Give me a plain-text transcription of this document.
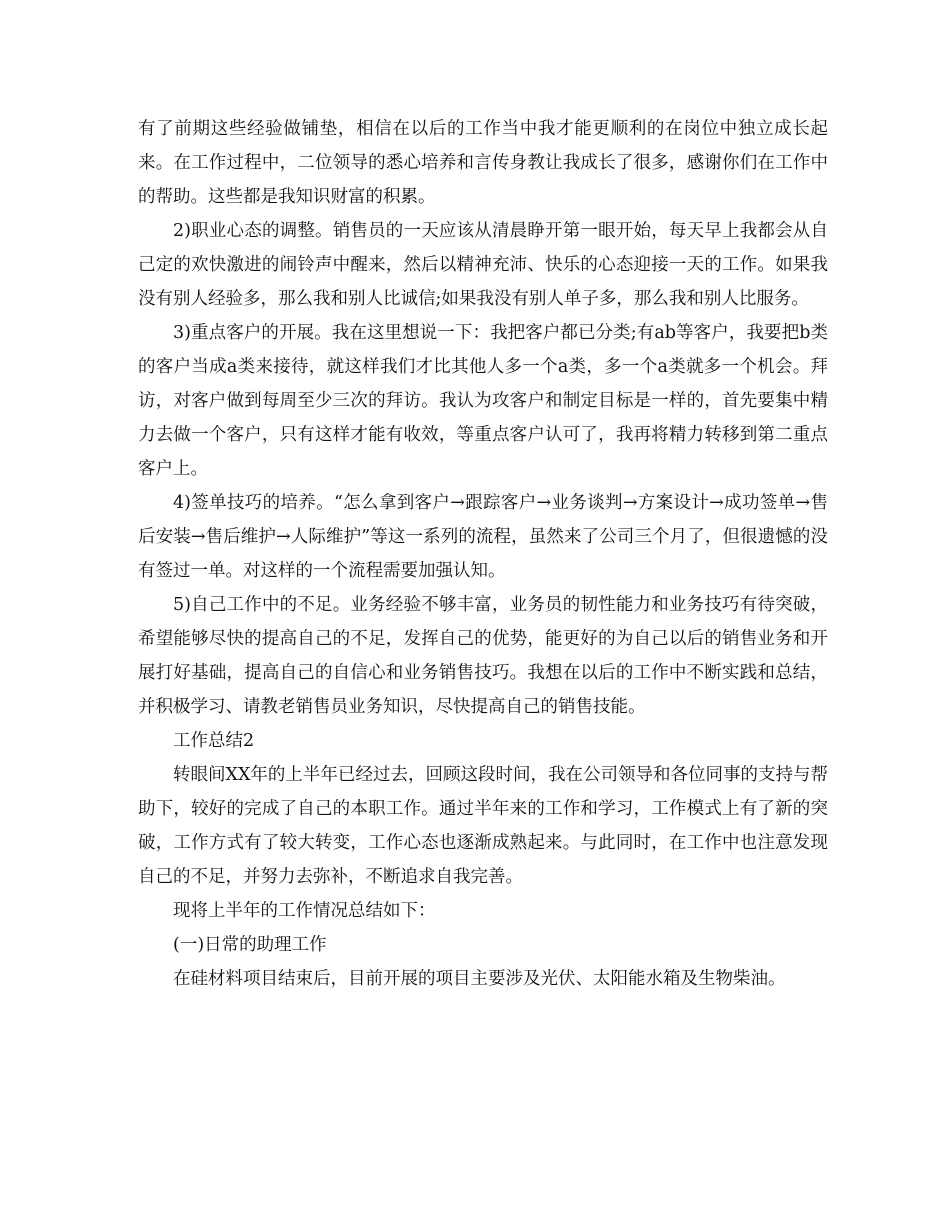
有了前期这些经验做铺垫，相信在以后的工作当中我才能更顺利的在岗位中独立成长起来。在工作过程中，二位领导的悉心培养和言传身教让我成长了很多，感谢你们在工作中的帮助。这些都是我知识财富的积累。

2)职业心态的调整。销售员的一天应该从清晨睁开第一眼开始，每天早上我都会从自己定的欢快激进的闹铃声中醒来，然后以精神充沛、快乐的心态迎接一天的工作。如果我没有别人经验多，那么我和别人比诚信;如果我没有别人单子多，那么我和别人比服务。

3)重点客户的开展。我在这里想说一下：我把客户都已分类;有ab等客户，我要把b类的客户当成a类来接待，就这样我们才比其他人多一个a类，多一个a类就多一个机会。拜访，对客户做到每周至少三次的拜访。我认为攻客户和制定目标是一样的，首先要集中精力去做一个客户，只有这样才能有收效，等重点客户认可了，我再将精力转移到第二重点客户上。

4)签单技巧的培养。“怎么拿到客户→跟踪客户→业务谈判→方案设计→成功签单→售后安装→售后维护→人际维护”等这一系列的流程，虽然来了公司三个月了，但很遗憾的没有签过一单。对这样的一个流程需要加强认知。

5)自己工作中的不足。业务经验不够丰富，业务员的韧性能力和业务技巧有待突破，希望能够尽快的提高自己的不足，发挥自己的优势，能更好的为自己以后的销售业务和开展打好基础，提高自己的自信心和业务销售技巧。我想在以后的工作中不断实践和总结，并积极学习、请教老销售员业务知识，尽快提高自己的销售技能。

工作总结2

转眼间XX年的上半年已经过去，回顾这段时间，我在公司领导和各位同事的支持与帮助下，较好的完成了自己的本职工作。通过半年来的工作和学习，工作模式上有了新的突破，工作方式有了较大转变，工作心态也逐渐成熟起来。与此同时，在工作中也注意发现自己的不足，并努力去弥补，不断追求自我完善。

现将上半年的工作情况总结如下：

(一)日常的助理工作

在硅材料项目结束后，目前开展的项目主要涉及光伏、太阳能水箱及生物柴油。
